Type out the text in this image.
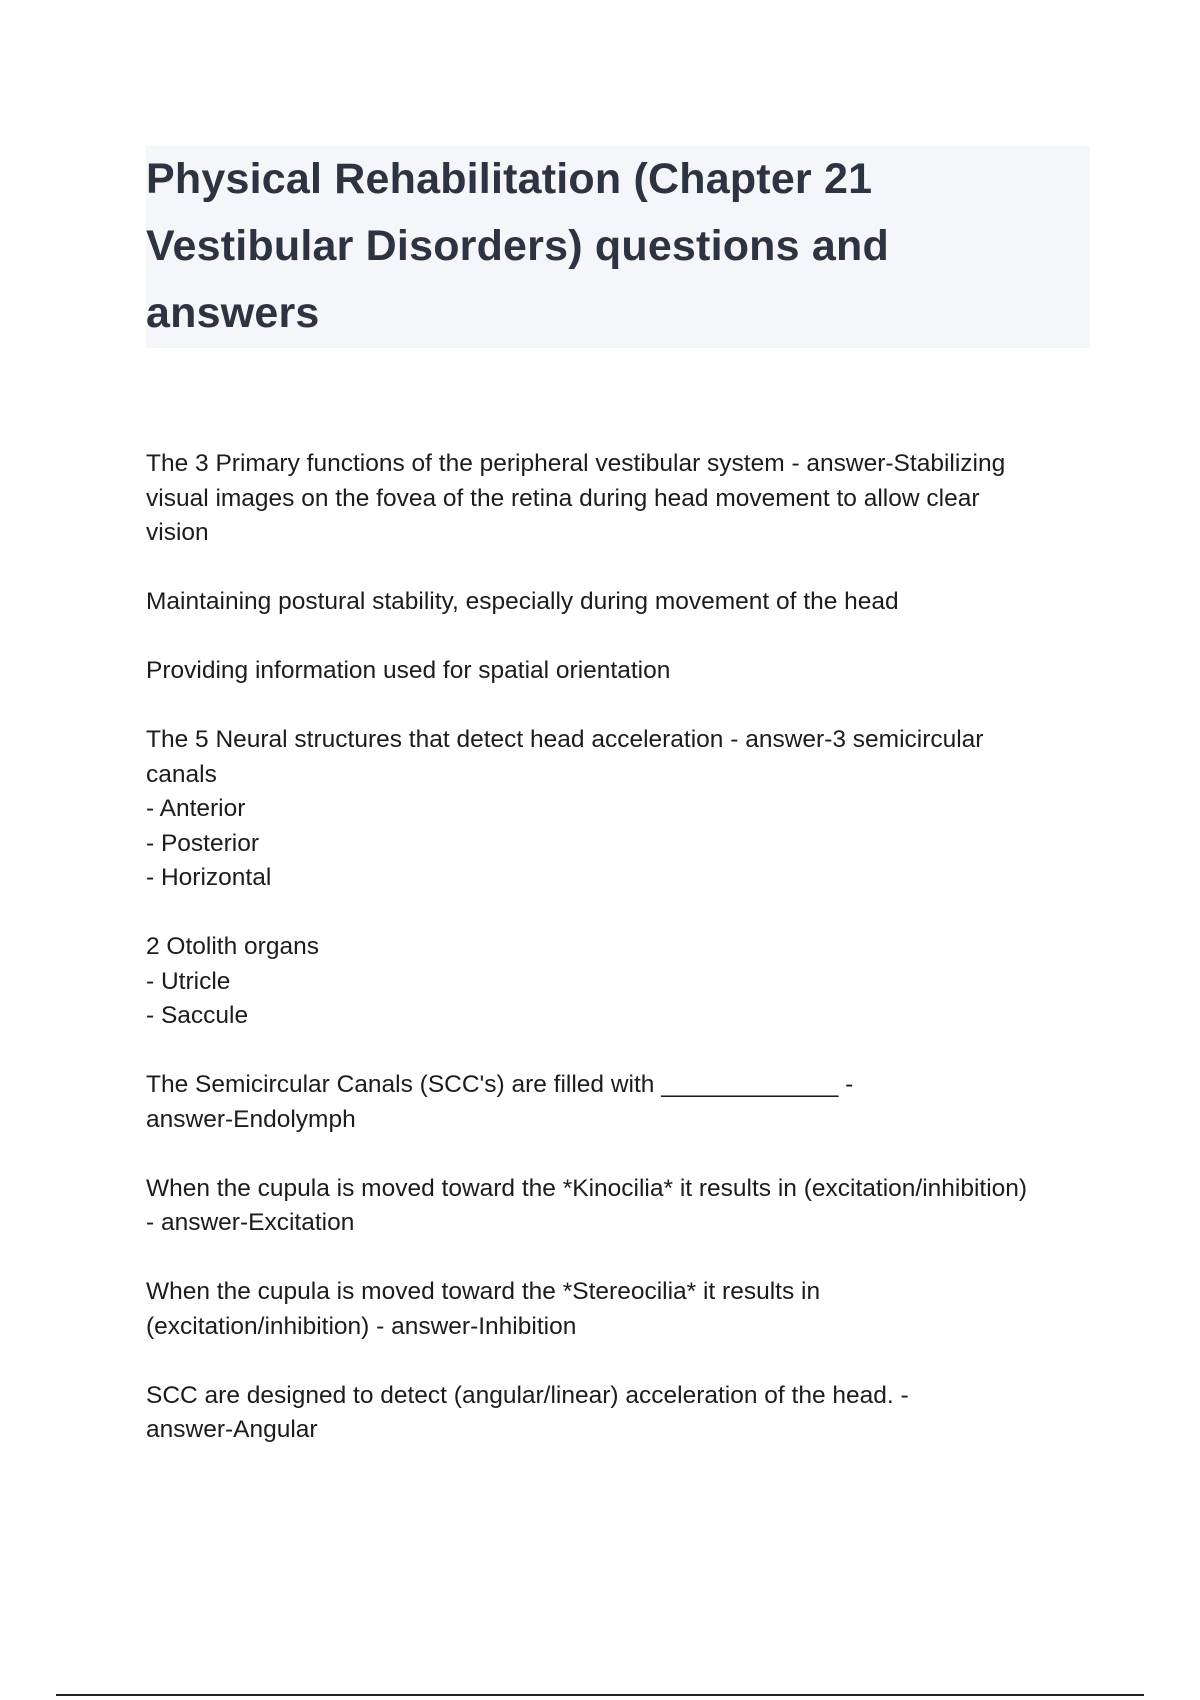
Physical Rehabilitation (Chapter 21
Vestibular Disorders) questions and
answers

The 3 Primary functions of the peripheral vestibular system - answer-Stabilizing
visual images on the fovea of the retina during head movement to allow clear
vision

Maintaining postural stability, especially during movement of the head

Providing information used for spatial orientation

The 5 Neural structures that detect head acceleration - answer-3 semicircular
canals
- Anterior
- Posterior
- Horizontal

2 Otolith organs
- Utricle
- Saccule

The Semicircular Canals (SCC's) are filled with _____________ -
answer-Endolymph

When the cupula is moved toward the *Kinocilia* it results in (excitation/inhibition)
- answer-Excitation

When the cupula is moved toward the *Stereocilia* it results in
(excitation/inhibition) - answer-Inhibition

SCC are designed to detect (angular/linear) acceleration of the head. -
answer-Angular
